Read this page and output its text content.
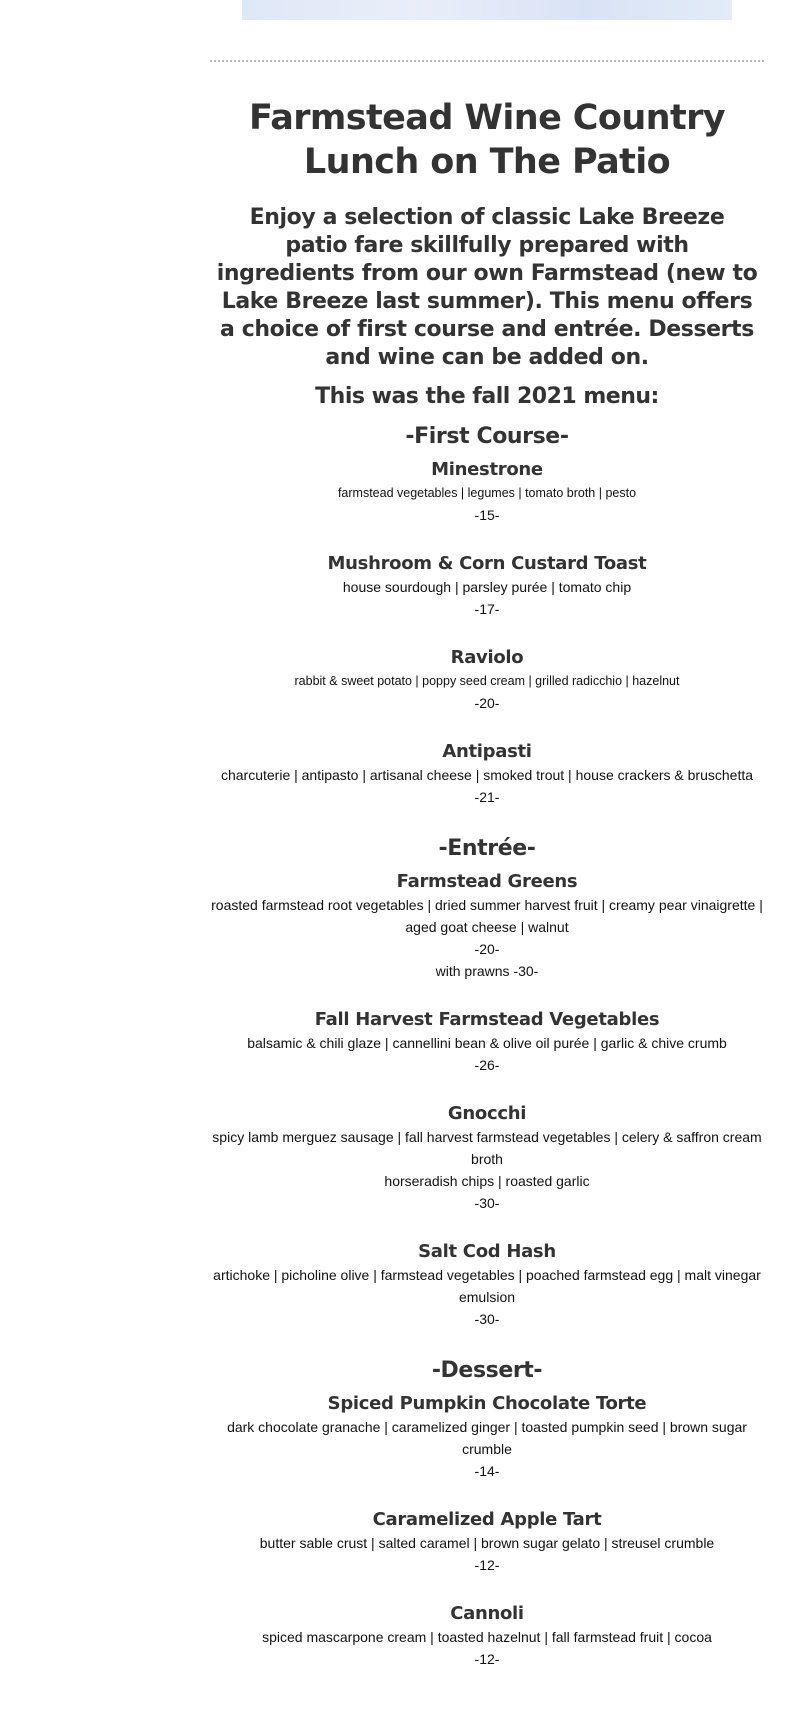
Farmstead Wine Country Lunch on The Patio

Enjoy a selection of classic Lake Breeze patio fare skillfully prepared with ingredients from our own Farmstead (new to Lake Breeze last summer). This menu offers a choice of first course and entrée. Desserts and wine can be added on.

This was the fall 2021 menu:

-First Course-
Minestrone
farmstead vegetables | legumes | tomato broth | pesto
-15-
Mushroom & Corn Custard Toast
house sourdough | parsley purée | tomato chip
-17-
Raviolo
rabbit & sweet potato | poppy seed cream | grilled radicchio | hazelnut
-20-
Antipasti
charcuterie | antipasto | artisanal cheese | smoked trout | house crackers & bruschetta
-21-
-Entrée-
Farmstead Greens
roasted farmstead root vegetables | dried summer harvest fruit | creamy pear vinaigrette | aged goat cheese | walnut
-20-
with prawns -30-
Fall Harvest Farmstead Vegetables
balsamic & chili glaze | cannellini bean & olive oil purée | garlic & chive crumb
-26-
Gnocchi
spicy lamb merguez sausage | fall harvest farmstead vegetables | celery & saffron cream broth
horseradish chips | roasted garlic
-30-
Salt Cod Hash
artichoke | picholine olive | farmstead vegetables | poached farmstead egg | malt vinegar emulsion
-30-
-Dessert-
Spiced Pumpkin Chocolate Torte
dark chocolate granache | caramelized ginger | toasted pumpkin seed | brown sugar crumble
-14-
Caramelized Apple Tart
butter sable crust | salted caramel | brown sugar gelato | streusel crumble
-12-
Cannoli
spiced mascarpone cream | toasted hazelnut | fall farmstead fruit | cocoa
-12-
